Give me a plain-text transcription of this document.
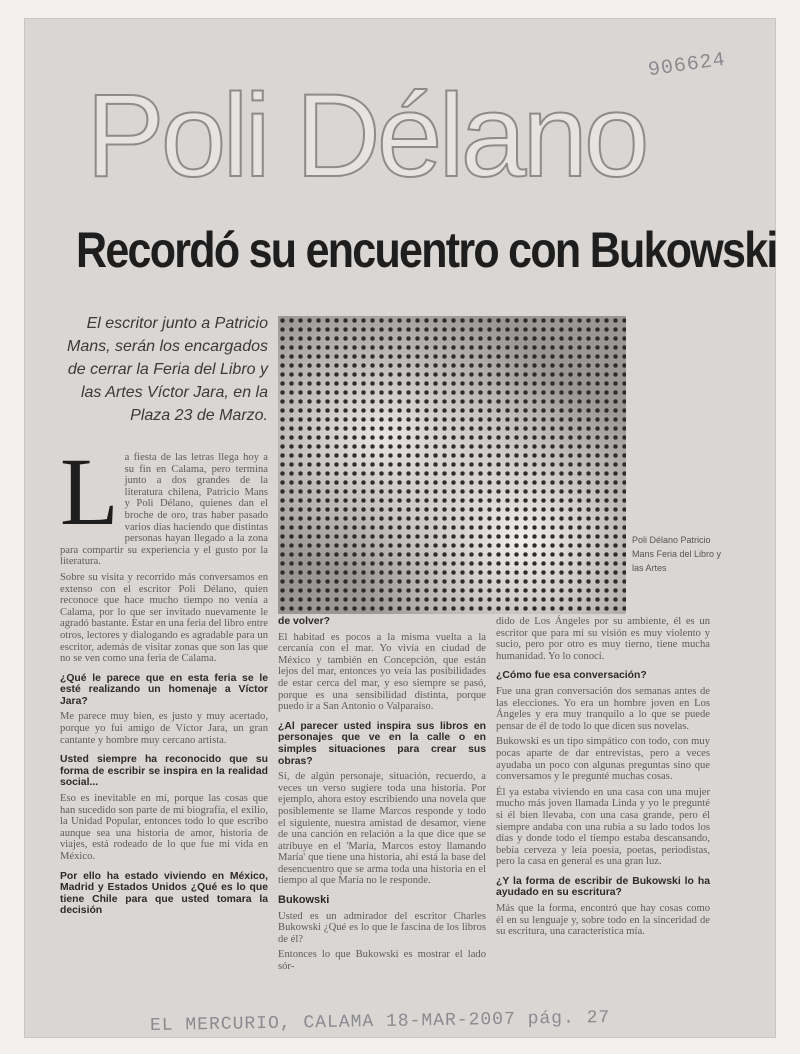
906624
Poli Délano
Recordó su encuentro con Bukowski
El escritor junto a Patricio Mans, serán los encargados de cerrar la Feria del Libro y las Artes Víctor Jara, en la Plaza 23 de Marzo.
Poli Délano Patricio Mans Feria del Libro y las Artes
L a fiesta de las letras llega hoy a su fin en Calama, pero termina junto a dos grandes de la literatura chilena, Patricio Mans y Poli Délano, quienes dan el broche de oro, tras haber pasado varios días haciendo que distintas personas hayan llegado a la zona para compartir su experiencia y el gusto por la literatura.

Sobre su visita y recorrido más conversamos en extenso con el escritor Poli Délano, quien reconoce que hace mucho tiempo no venía a Calama, por lo que ser invitado nuevamente le agradó bastante. Estar en una feria del libro entre otros, lectores y dialogando es agradable para un escritor, además de visitar zonas que son las que no se ven como una feria de Calama.

¿Qué le parece que en esta feria se le esté realizando un homenaje a Víctor Jara?

Me parece muy bien, es justo y muy acertado, porque yo fui amigo de Víctor Jara, un gran cantante y hombre muy cercano artista.

Usted siempre ha reconocido que su forma de escribir se inspira en la realidad social...

Eso es inevitable en mí, porque las cosas que han sucedido son parte de mi biografía, el exilio, la Unidad Popular, entonces todo lo que escribo aunque sea una historia de amor, historia de viajes, está rodeado de lo que fue mi vida en México.

Por ello ha estado viviendo en México, Madrid y Estados Unidos ¿Qué es lo que tiene Chile para que usted tomara la decisión

de volver?

El habitad es pocos a la misma vuelta a la cercanía con el mar. Yo vivía en ciudad de México y también en Concepción, que están lejos del mar, entonces yo veía las posibilidades de estar cerca del mar, y eso siempre se pasó, porque es una sensibilidad distinta, porque puedo ir a San Antonio o Valparaíso.

¿Al parecer usted inspira sus libros en personajes que ve en la calle o en simples situaciones para crear sus obras?

Sí, de algún personaje, situación, recuerdo, a veces un verso sugiere toda una historia. Por ejemplo, ahora estoy escribiendo una novela que posiblemente se llame Marcos responde y todo el siguiente, nuestra amistad de desamor, viene de una canción en relación a la que dice que se atribuye en el 'María, Marcos estoy llamando María' que tiene una historia, ahí está la base del desencuentro que se arma toda una historia en el tiempo al que María no le responde.

Bukowski

Usted es un admirador del escritor Charles Bukowski ¿Qué es lo que le fascina de los libros de él?

Entonces lo que Bukowski es mostrar el lado sór-

dido de Los Ángeles por su ambiente, él es un escritor que para mí su visión es muy violento y sucio, pero por otro es muy tierno, tiene mucha humanidad. Yo lo conocí.

¿Cómo fue esa conversación?

Fue una gran conversación dos semanas antes de las elecciones. Yo era un hombre joven en Los Ángeles y era muy tranquilo a lo que se puede pensar de él de todo lo que dicen sus novelas.

Bukowski es un tipo simpático con todo, con muy pocas aparte de dar entrevistas, pero a veces ayudaba un poco con algunas preguntas sino que conversamos y le pregunté muchas cosas.

Él ya estaba viviendo en una casa con una mujer mucho más joven llamada Linda y yo le pregunté si él bien llevaba, con una casa grande, pero él siempre andaba con una rubia a su lado todos los días y donde todo el tiempo estaba descansando, bebía cerveza y leía poesía, poetas, periodistas, pero la casa en general es una gran luz.

¿Y la forma de escribir de Bukowski lo ha ayudado en su escritura?

Más que la forma, encontró que hay cosas como él en su lenguaje y, sobre todo en la sinceridad de su escritura, una característica mía.

EL MERCURIO, CALAMA 18-MAR-2007 pág. 27
